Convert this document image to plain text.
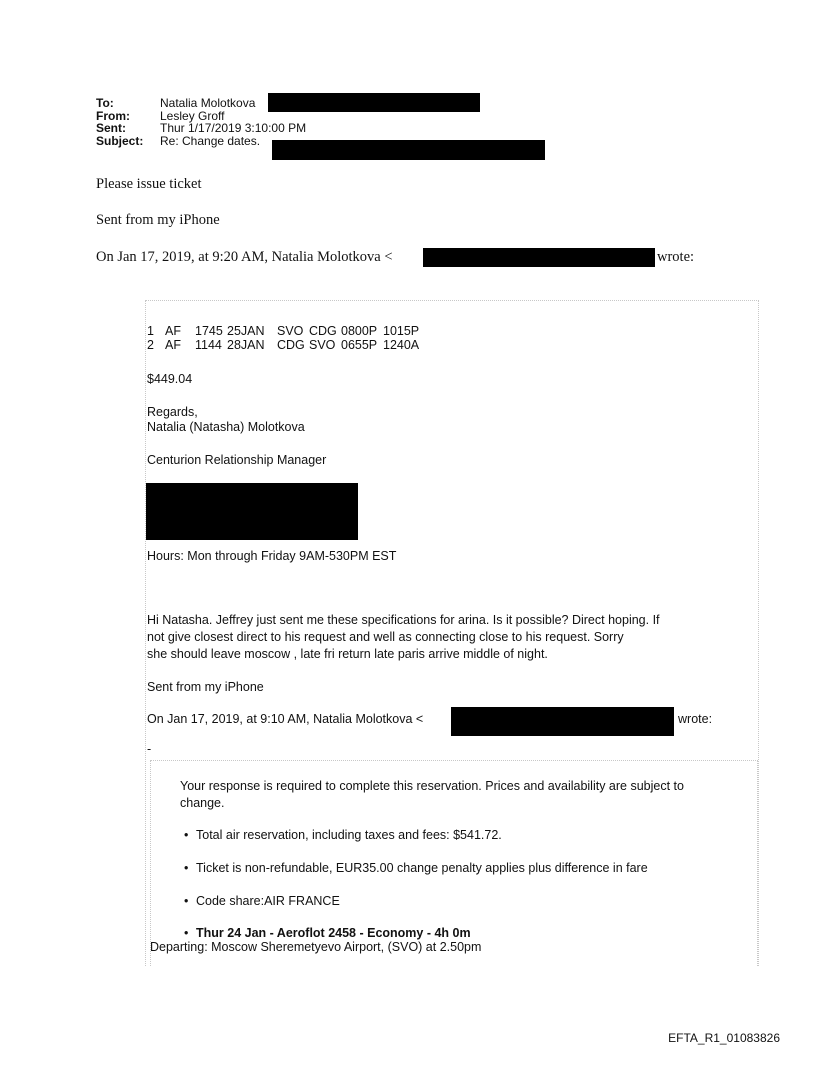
To:	Natalia Molotkova
From:	Lesley Groff
Sent:	Thur 1/17/2019 3:10:00 PM
Subject:	Re: Change dates.
Please issue ticket
Sent from my iPhone
On Jan 17, 2019, at 9:20 AM, Natalia Molotkova <	wrote:
1 AF 1745 25JAN SVO CDG 0800P 1015P
2 AF 1144 28JAN CDG SVO 0655P 1240A
$449.04
Regards,
Natalia (Natasha) Molotkova
Centurion Relationship Manager
Hours: Mon through Friday 9AM-530PM EST
Hi Natasha. Jeffrey just sent me these specifications for arina. Is it possible? Direct hoping. If
not give closest direct to his request and well as connecting close to his request. Sorry
she should leave moscow , late fri return late paris arrive middle of night.
Sent from my iPhone
On Jan 17, 2019, at 9:10 AM, Natalia Molotkova <	wrote:
-
Your response is required to complete this reservation. Prices and availability are subject to
change.
• Total air reservation, including taxes and fees: $541.72.
• Ticket is non-refundable, EUR35.00 change penalty applies plus difference in fare
• Code share:AIR FRANCE
• Thur 24 Jan - Aeroflot 2458 - Economy - 4h 0m
Departing: Moscow Sheremetyevo Airport, (SVO) at 2.50pm
EFTA_R1_01083826
